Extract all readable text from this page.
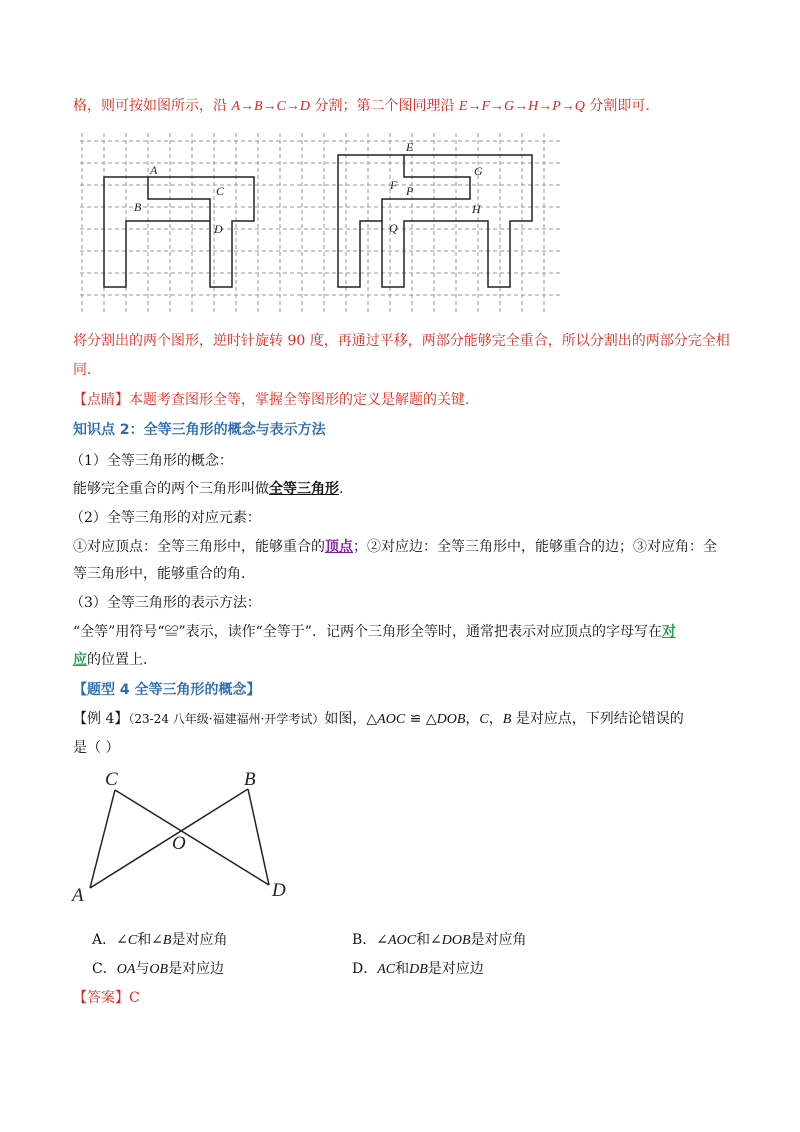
格，则可按如图所示，沿 A→B→C→D 分割；第二个图同理沿 E→F→G→H→P→Q 分割即可．
A
B
C
D
E
F P
G
H
Q
将分割出的两个图形，逆时针旋转 90 度，再通过平移，两部分能够完全重合，所以分割出的两部分完全相
同．
【点睛】本题考查图形全等，掌握全等图形的定义是解题的关键．
知识点 2：全等三角形的概念与表示方法
（1）全等三角形的概念：
能够完全重合的两个三角形叫做全等三角形.
（2）全等三角形的对应元素：
①对应顶点：全等三角形中，能够重合的顶点；②对应边：全等三角形中，能够重合的边；③对应角：全
等三角形中，能够重合的角.
（3）全等三角形的表示方法：
“全等”用符号“≌”表示，读作“全等于”．记两个三角形全等时，通常把表示对应顶点的字母写在对
应的位置上.
【题型 4 全等三角形的概念】
【例 4】（23-24 八年级·福建福州·开学考试）如图，△AOC ≌ △DOB，C，B 是对应点，下列结论错误的
是（ ）
C	B
O
A	D
A．∠C和∠B是对应角	B．∠AOC和∠DOB是对应角
C．OA与OB是对应边	D．AC和DB是对应边
【答案】C
